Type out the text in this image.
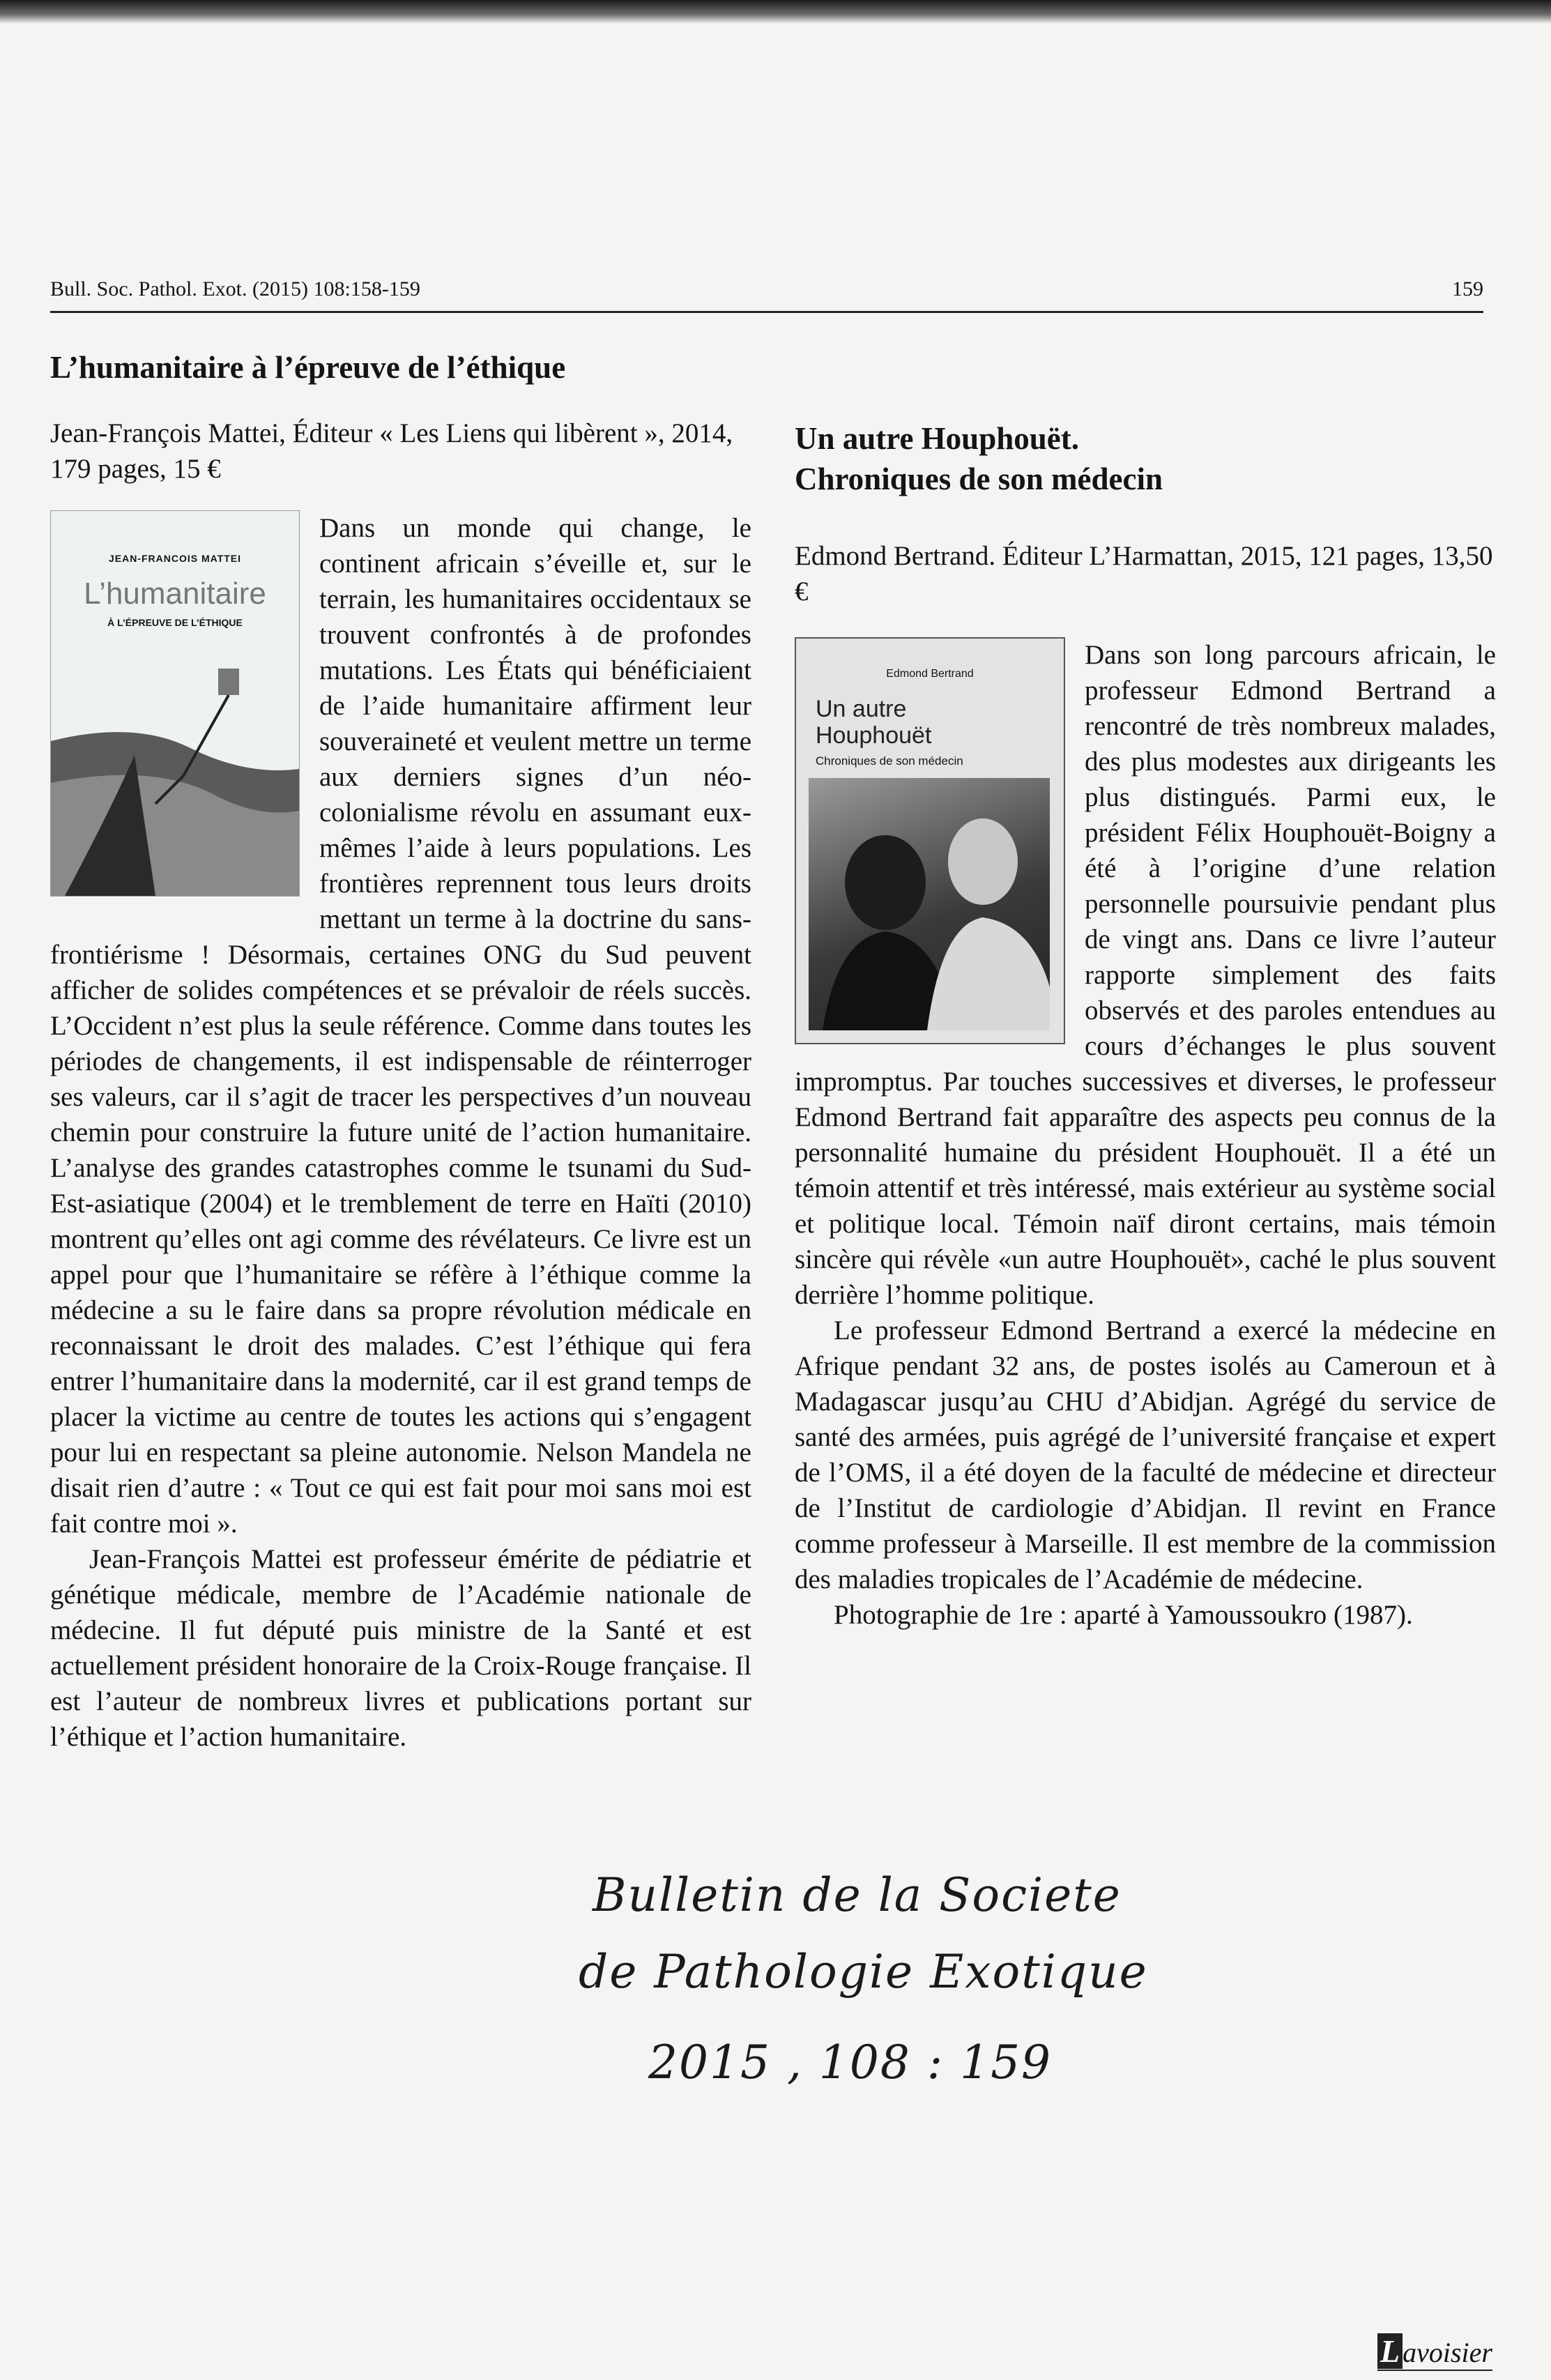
Bull. Soc. Pathol. Exot. (2015) 108:158-159	159
L’humanitaire à l’épreuve de l’éthique

Jean-François Mattei, Éditeur « Les Liens qui libèrent », 2014, 179 pages, 15 €

JEAN-FRANCOIS MATTEI
L’humanitaire
À L’ÉPREUVE DE L’ÉTHIQUE

Dans un monde qui change, le continent africain s’éveille et, sur le terrain, les humanitaires occidentaux se trouvent confrontés à de profondes mutations. Les États qui bénéficiaient de l’aide humanitaire affirment leur souveraineté et veulent mettre un terme aux derniers signes d’un néo-colonialisme révolu en assumant eux-mêmes l’aide à leurs populations. Les frontières reprennent tous leurs droits mettant un terme à la doctrine du sans-frontiérisme ! Désormais, certaines ONG du Sud peuvent afficher de solides compétences et se prévaloir de réels succès. L’Occident n’est plus la seule référence. Comme dans toutes les périodes de changements, il est indispensable de réinterroger ses valeurs, car il s’agit de tracer les perspectives d’un nouveau chemin pour construire la future unité de l’action humanitaire. L’analyse des grandes catastrophes comme le tsunami du Sud-Est-asiatique (2004) et le tremblement de terre en Haïti (2010) montrent qu’elles ont agi comme des révélateurs. Ce livre est un appel pour que l’humanitaire se réfère à l’éthique comme la médecine a su le faire dans sa propre révolution médicale en reconnaissant le droit des malades. C’est l’éthique qui fera entrer l’humanitaire dans la modernité, car il est grand temps de placer la victime au centre de toutes les actions qui s’engagent pour lui en respectant sa pleine autonomie. Nelson Mandela ne disait rien d’autre : « Tout ce qui est fait pour moi sans moi est fait contre moi ».

Jean-François Mattei est professeur émérite de pédiatrie et génétique médicale, membre de l’Académie nationale de médecine. Il fut député puis ministre de la Santé et est actuellement président honoraire de la Croix-Rouge française. Il est l’auteur de nombreux livres et publications portant sur l’éthique et l’action humanitaire.

Un autre Houphouët.
Chroniques de son médecin

Edmond Bertrand. Éditeur L’Harmattan, 2015, 121 pages, 13,50 €

Edmond Bertrand
Un autre
Houphouët
Chroniques de son médecin

Dans son long parcours africain, le professeur Edmond Bertrand a rencontré de très nombreux malades, des plus modestes aux dirigeants les plus distingués. Parmi eux, le président Félix Houphouët-Boigny a été à l’origine d’une relation personnelle poursuivie pendant plus de vingt ans. Dans ce livre l’auteur rapporte simplement des faits observés et des paroles entendues au cours d’échanges le plus souvent impromptus. Par touches successives et diverses, le professeur Edmond Bertrand fait apparaître des aspects peu connus de la personnalité humaine du président Houphouët. Il a été un témoin attentif et très intéressé, mais extérieur au système social et politique local. Témoin naïf diront certains, mais témoin sincère qui révèle «un autre Houphouët», caché le plus souvent derrière l’homme politique.

Le professeur Edmond Bertrand a exercé la médecine en Afrique pendant 32 ans, de postes isolés au Cameroun et à Madagascar jusqu’au CHU d’Abidjan. Agrégé du service de santé des armées, puis agrégé de l’université française et expert de l’OMS, il a été doyen de la faculté de médecine et directeur de l’Institut de cardiologie d’Abidjan. Il revint en France comme professeur à Marseille. Il est membre de la commission des maladies tropicales de l’Académie de médecine.

Photographie de 1re : aparté à Yamoussoukro (1987).

Bulletin de la Societe
de Pathologie Exotique
2015 , 108 : 159
L avoisier
